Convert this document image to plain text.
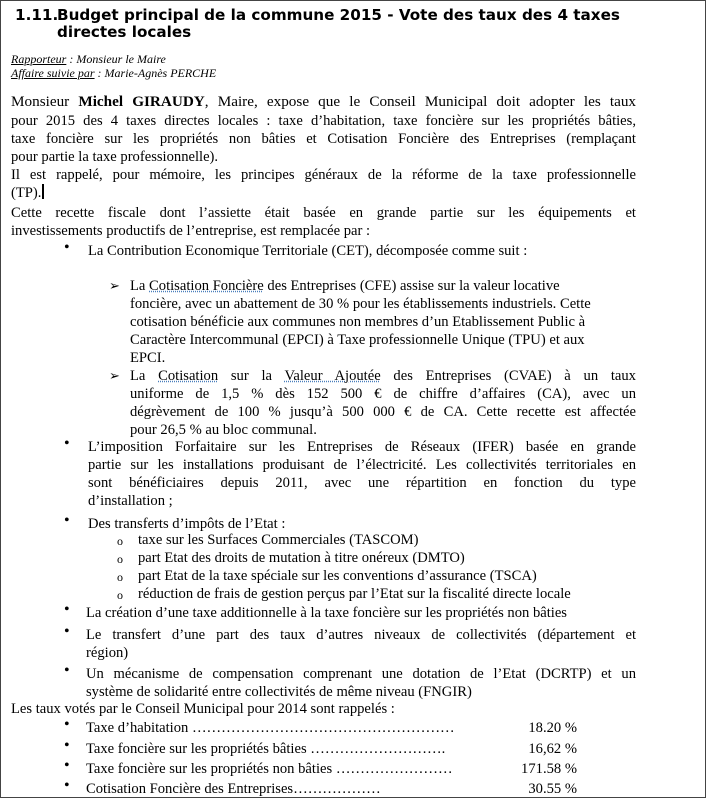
1.11.
Budget principal de la commune 2015 - Vote des taux des 4 taxes
directes locales
Rapporteur : Monsieur le Maire
Affaire suivie par : Marie-Agnès PERCHE
Monsieur Michel GIRAUDY, Maire, expose que le Conseil Municipal doit adopter les taux
pour 2015 des 4 taxes directes locales : taxe d’habitation, taxe foncière sur les propriétés bâties,
taxe foncière sur les propriétés non bâties et Cotisation Foncière des Entreprises (remplaçant
pour partie la taxe professionnelle).
Il est rappelé, pour mémoire, les principes généraux de la réforme de la taxe professionnelle
(TP).
Cette recette fiscale dont l’assiette était basée en grande partie sur les équipements et
investissements productifs de l’entreprise, est remplacée par :
• La Contribution Economique Territoriale (CET), décomposée comme suit :
➢ La Cotisation Foncière des Entreprises (CFE) assise sur la valeur locative
foncière, avec un abattement de 30 % pour les établissements industriels. Cette
cotisation bénéficie aux communes non membres d’un Etablissement Public à
Caractère Intercommunal (EPCI) à Taxe professionnelle Unique (TPU) et aux
EPCI.
➢ La Cotisation sur la Valeur Ajoutée des Entreprises (CVAE) à un taux
uniforme de 1,5 % dès 152 500 € de chiffre d’affaires (CA), avec un
dégrèvement de 100 % jusqu’à 500 000 € de CA. Cette recette est affectée
pour 26,5 % au bloc communal.
• L’imposition Forfaitaire sur les Entreprises de Réseaux (IFER) basée en grande
partie sur les installations produisant de l’électricité. Les collectivités territoriales en
sont bénéficiaires depuis 2011, avec une répartition en fonction du type
d’installation ;
• Des transferts d’impôts de l’Etat :
o taxe sur les Surfaces Commerciales (TASCOM)
o part Etat des droits de mutation à titre onéreux (DMTO)
o part Etat de la taxe spéciale sur les conventions d’assurance (TSCA)
o réduction de frais de gestion perçus par l’Etat sur la fiscalité directe locale
• La création d’une taxe additionnelle à la taxe foncière sur les propriétés non bâties
• Le transfert d’une part des taux d’autres niveaux de collectivités (département et
région)
• Un mécanisme de compensation comprenant une dotation de l’Etat (DCRTP) et un
système de solidarité entre collectivités de même niveau (FNGIR)
Les taux votés par le Conseil Municipal pour 2014 sont rappelés :
• Taxe d’habitation ………………………………………………	18.20 %
• Taxe foncière sur les propriétés bâties ……………………….	16,62 %
• Taxe foncière sur les propriétés non bâties ……………………	171.58 %
• Cotisation Foncière des Entreprises………………	30.55 %
